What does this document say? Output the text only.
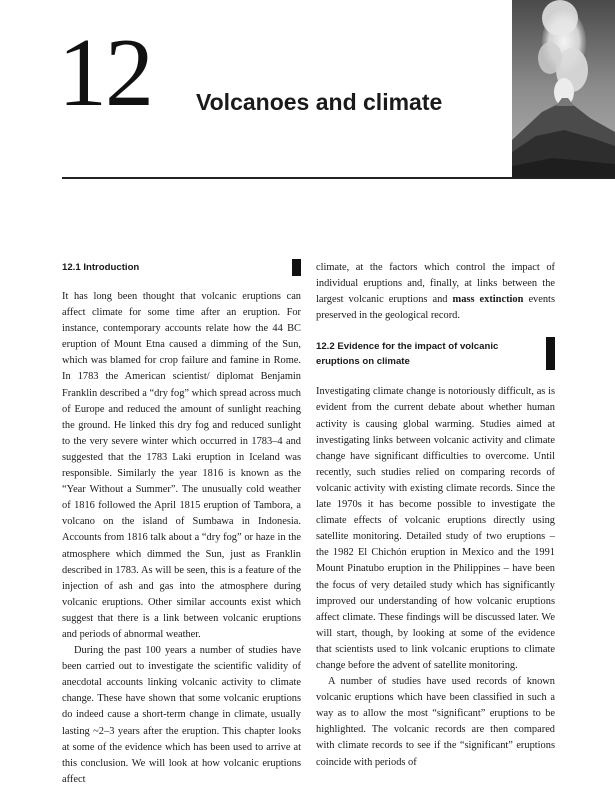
12 Volcanoes and climate
12.1 Introduction

It has long been thought that volcanic eruptions can affect climate for some time after an eruption. For instance, contemporary accounts relate how the 44 BC eruption of Mount Etna caused a dimming of the Sun, which was blamed for crop failure and famine in Rome. In 1783 the American scientist/ diplomat Benjamin Franklin described a “dry fog” which spread across much of Europe and reduced the amount of sunlight reaching the ground. He linked this dry fog and reduced sunlight to the very severe winter which occurred in 1783–4 and suggested that the 1783 Laki eruption in Iceland was responsible. Similarly the year 1816 is known as the “Year Without a Summer”. The unusually cold weather of 1816 followed the April 1815 eruption of Tambora, a volcano on the island of Sumbawa in Indonesia. Accounts from 1816 talk about a “dry fog” or haze in the atmosphere which dimmed the Sun, just as Franklin described in 1783. As will be seen, this is a feature of the injection of ash and gas into the atmosphere during volcanic eruptions. Other similar accounts exist which suggest that there is a link between volcanic eruptions and periods of abnormal weather.

During the past 100 years a number of studies have been carried out to investigate the scientific validity of anecdotal accounts linking volcanic activity to climate change. These have shown that some volcanic eruptions do indeed cause a short-term change in climate, usually lasting ~2–3 years after the eruption. This chapter looks at some of the evidence which has been used to arrive at this conclusion. We will look at how volcanic eruptions affect

climate, at the factors which control the impact of individual eruptions and, finally, at links between the largest volcanic eruptions and mass extinction events preserved in the geological record.

12.2 Evidence for the impact of volcanic eruptions on climate

Investigating climate change is notoriously difficult, as is evident from the current debate about whether human activity is causing global warming. Studies aimed at investigating links between volcanic activity and climate change have significant difficulties to overcome. Until recently, such studies relied on comparing records of volcanic activity with existing climate records. Since the late 1970s it has become possible to investigate the climate effects of volcanic eruptions directly using satellite monitoring. Detailed study of two eruptions – the 1982 El Chichón eruption in Mexico and the 1991 Mount Pinatubo eruption in the Philippines – have been the focus of very detailed study which has significantly improved our understanding of how volcanic eruptions affect climate. These findings will be discussed later. We will start, though, by looking at some of the evidence that scientists used to link volcanic eruptions to climate change before the advent of satellite monitoring.

A number of studies have used records of known volcanic eruptions which have been classified in such a way as to allow the most “significant” eruptions to be highlighted. The volcanic records are then compared with climate records to see if the “significant” eruptions coincide with periods of
